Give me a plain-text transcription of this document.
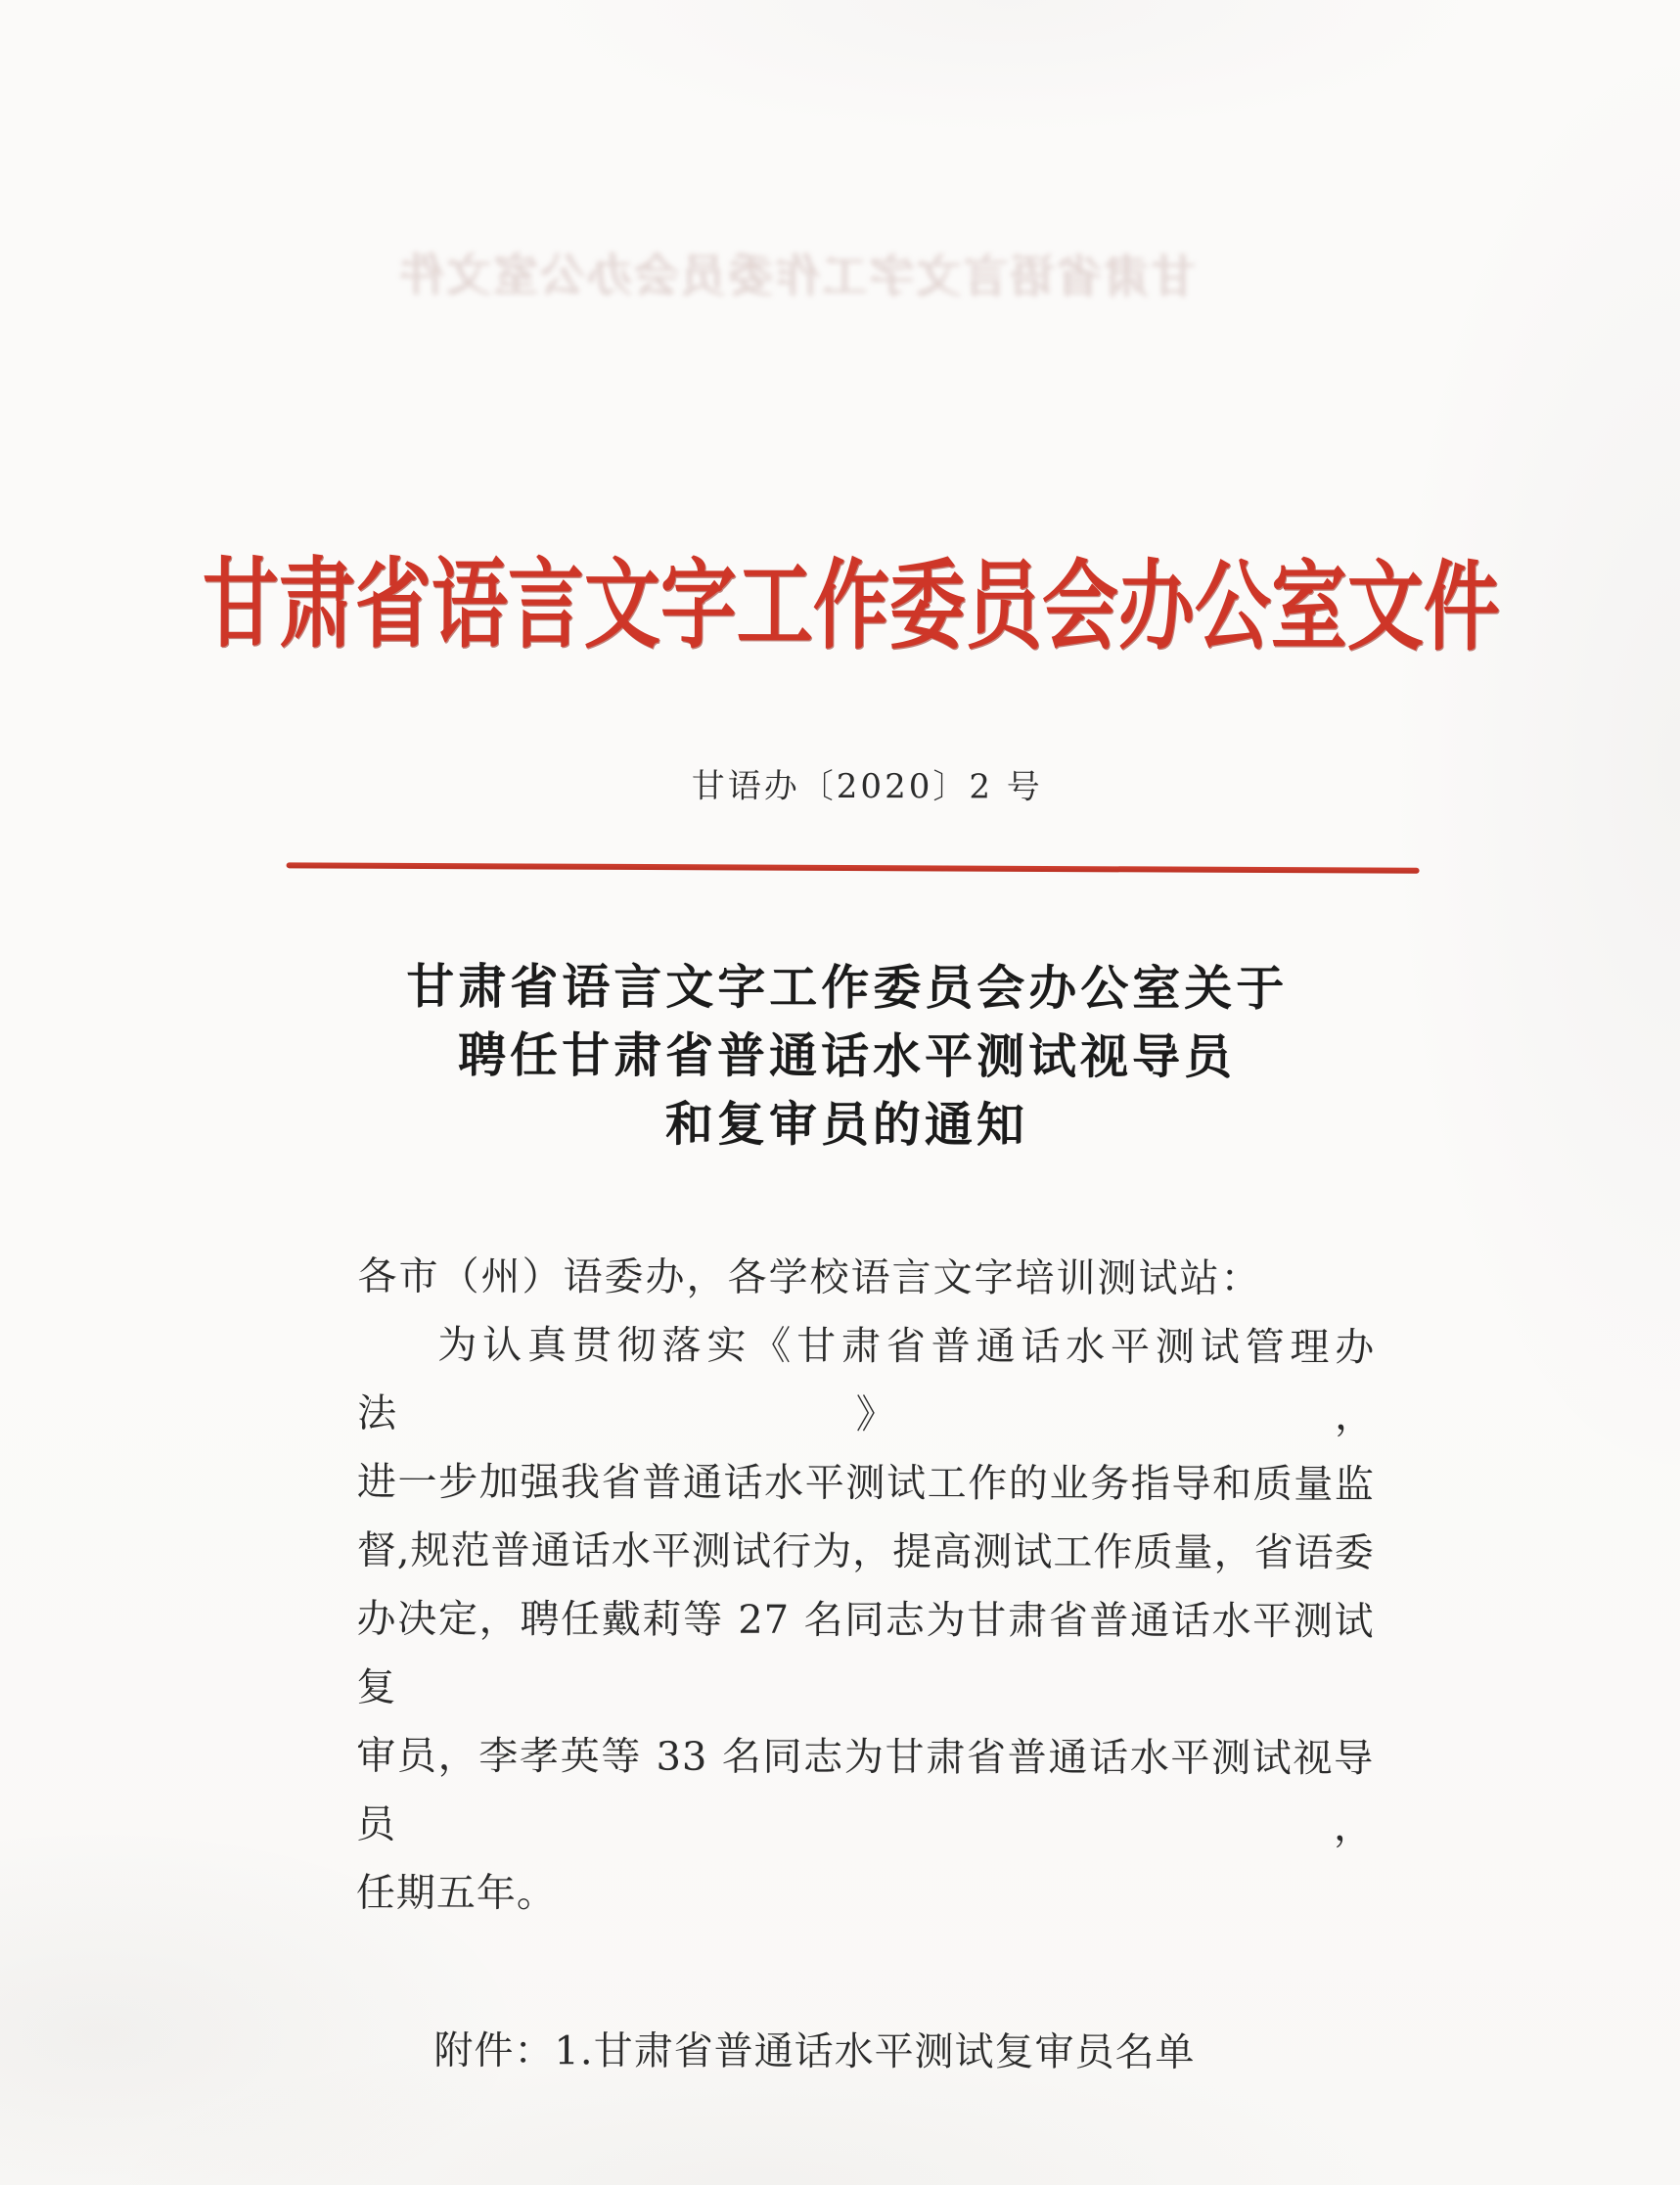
甘肃省语言文字工作委员会办公室文件
甘肃省语言文字工作委员会办公室文件
甘语办〔2020〕2 号
甘肃省语言文字工作委员会办公室关于
聘任甘肃省普通话水平测试视导员
和复审员的通知
各市（州）语委办，各学校语言文字培训测试站：
为认真贯彻落实《甘肃省普通话水平测试管理办法》，
进一步加强我省普通话水平测试工作的业务指导和质量监
督,规范普通话水平测试行为，提高测试工作质量，省语委
办决定，聘任戴莉等 27 名同志为甘肃省普通话水平测试复
审员，李孝英等 33 名同志为甘肃省普通话水平测试视导员，
任期五年。
附件：1.甘肃省普通话水平测试复审员名单
